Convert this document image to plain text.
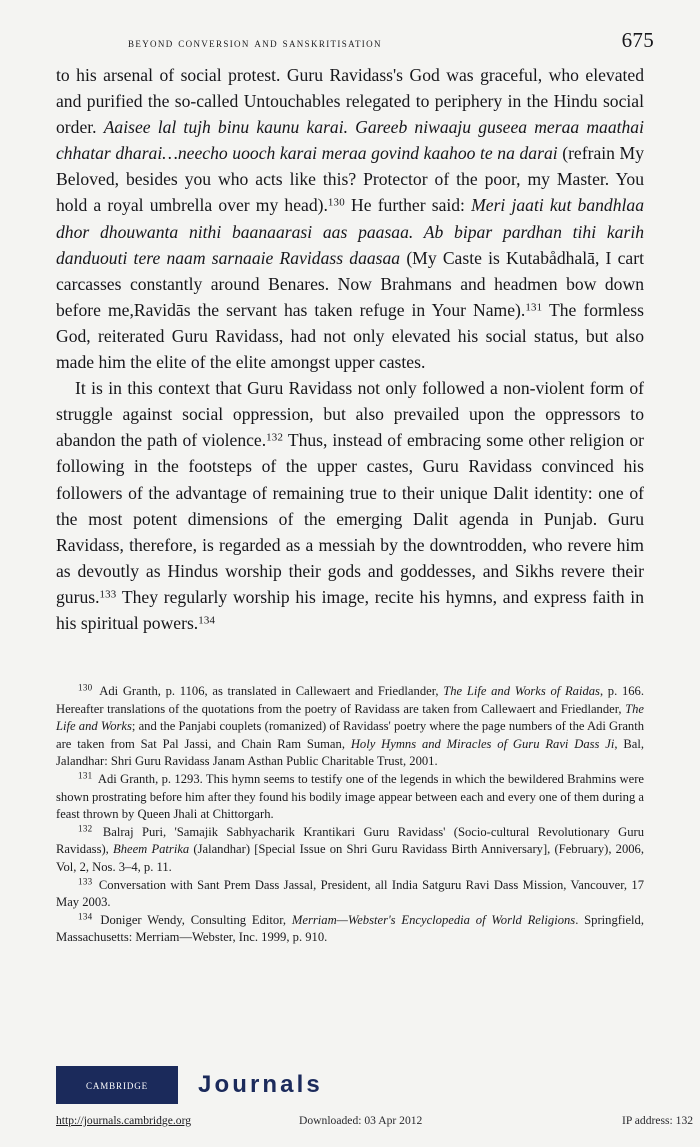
beyond conversion and sanskritisation	675

to his arsenal of social protest. Guru Ravidass's God was graceful, who elevated and purified the so-called Untouchables relegated to periphery in the Hindu social order. Aaisee lal tujh binu kaunu karai. Gareeb niwaaju guseea meraa maathai chhatar dharai…neecho uooch karai meraa govind kaahoo te na darai (refrain My Beloved, besides you who acts like this? Protector of the poor, my Master. You hold a royal umbrella over my head).$^{130}$ He further said: Meri jaati kut bandhlaa dhor dhouwanta nithi baanaarasi aas paasaa. Ab bipar pardhan tihi karih danduouti tere naam sarnaaie Ravidass daasaa (My Caste is Kutabådhalā, I cart carcasses constantly around Benares. Now Brahmans and headmen bow down before me,Ravidās the servant has taken refuge in Your Name).$^{131}$ The formless God, reiterated Guru Ravidass, had not only elevated his social status, but also made him the elite of the elite amongst upper castes.

It is in this context that Guru Ravidass not only followed a non-violent form of struggle against social oppression, but also prevailed upon the oppressors to abandon the path of violence.$^{132}$ Thus, instead of embracing some other religion or following in the footsteps of the upper castes, Guru Ravidass convinced his followers of the advantage of remaining true to their unique Dalit identity: one of the most potent dimensions of the emerging Dalit agenda in Punjab. Guru Ravidass, therefore, is regarded as a messiah by the downtrodden, who revere him as devoutly as Hindus worship their gods and goddesses, and Sikhs revere their gurus.$^{133}$ They regularly worship his image, recite his hymns, and express faith in his spiritual powers.$^{134}$

$^{130}$ Adi Granth, p. 1106, as translated in Callewaert and Friedlander, The Life and Works of Raidas, p. 166. Hereafter translations of the quotations from the poetry of Ravidass are taken from Callewaert and Friedlander, The Life and Works; and the Panjabi couplets (romanized) of Ravidass' poetry where the page numbers of the Adi Granth are taken from Sat Pal Jassi, and Chain Ram Suman, Holy Hymns and Miracles of Guru Ravi Dass Ji, Bal, Jalandhar: Shri Guru Ravidass Janam Asthan Public Charitable Trust, 2001.

$^{131}$ Adi Granth, p. 1293. This hymn seems to testify one of the legends in which the bewildered Brahmins were shown prostrating before him after they found his bodily image appear between each and every one of them during a feast thrown by Queen Jhali at Chittorgarh.

$^{132}$ Balraj Puri, 'Samajik Sabhyacharik Krantikari Guru Ravidass' (Socio-cultural Revolutionary Guru Ravidass), Bheem Patrika (Jalandhar) [Special Issue on Shri Guru Ravidass Birth Anniversary], (February), 2006, Vol, 2, Nos. 3–4, p. 11.

$^{133}$ Conversation with Sant Prem Dass Jassal, President, all India Satguru Ravi Dass Mission, Vancouver, 17 May 2003.

$^{134}$ Doniger Wendy, Consulting Editor, Merriam—Webster's Encyclopedia of World Religions. Springfield, Massachusetts: Merriam—Webster, Inc. 1999, p. 910.

cambridge	Journals
http://journals.cambridge.org	Downloaded: 03 Apr 2012	IP address: 132
